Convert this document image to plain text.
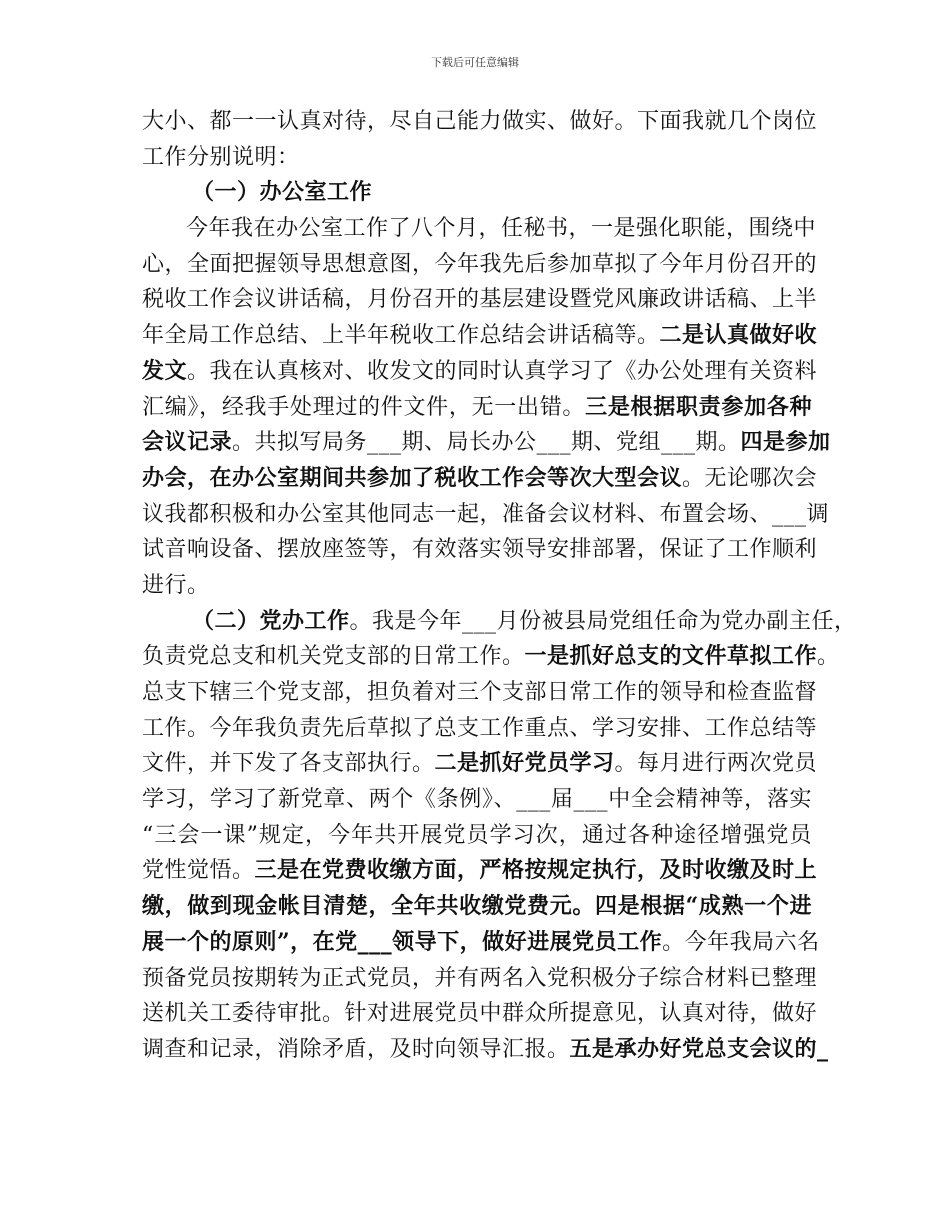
下载后可任意编辑
大小、都一一认真对待，尽自己能力做实、做好。下面我就几个岗位
工作分别说明：
（一）办公室工作
今年我在办公室工作了八个月，任秘书，一是强化职能，围绕中
心，全面把握领导思想意图，今年我先后参加草拟了今年月份召开的
税收工作会议讲话稿，月份召开的基层建设暨党风廉政讲话稿、上半
年全局工作总结、上半年税收工作总结会讲话稿等。二是认真做好收
发文。我在认真核对、收发文的同时认真学习了《办公处理有关资料
汇编》，经我手处理过的件文件，无一出错。三是根据职责参加各种
会议记录。共拟写局务___期、局长办公___期、党组___期。四是参加
办会，在办公室期间共参加了税收工作会等次大型会议。无论哪次会
议我都积极和办公室其他同志一起，准备会议材料、布置会场、___调
试音响设备、摆放座签等，有效落实领导安排部署，保证了工作顺利
进行。
（二）党办工作。我是今年___月份被县局党组任命为党办副主任，
负责党总支和机关党支部的日常工作。一是抓好总支的文件草拟工作。
总支下辖三个党支部，担负着对三个支部日常工作的领导和检查监督
工作。今年我负责先后草拟了总支工作重点、学习安排、工作总结等
文件，并下发了各支部执行。二是抓好党员学习。每月进行两次党员
学习，学习了新党章、两个《条例》、___届___中全会精神等，落实
“三会一课”规定，今年共开展党员学习次，通过各种途径增强党员
党性觉悟。三是在党费收缴方面，严格按规定执行，及时收缴及时上
缴，做到现金帐目清楚，全年共收缴党费元。四是根据“成熟一个进
展一个的原则”，在党___领导下，做好进展党员工作。今年我局六名
预备党员按期转为正式党员，并有两名入党积极分子综合材料已整理
送机关工委待审批。针对进展党员中群众所提意见，认真对待，做好
调查和记录，消除矛盾，及时向领导汇报。五是承办好党总支会议的_
